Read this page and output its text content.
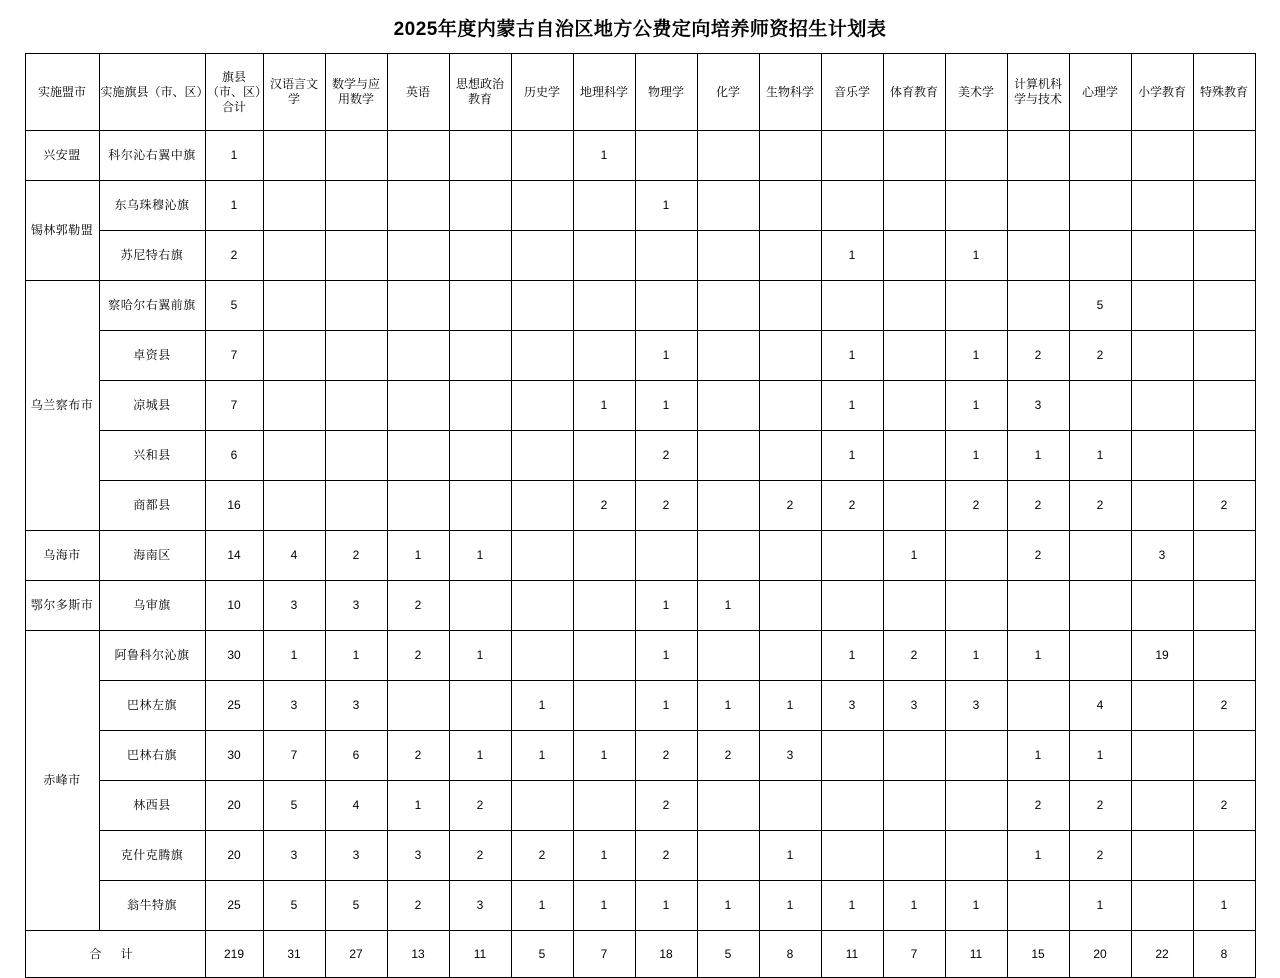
2025年度内蒙古自治区地方公费定向培养师资招生计划表
实施盟市	实施旗县（市、区）	旗县（市、区）合计	汉语言文学	数学与应用数学	英语	思想政治教育	历史学	地理科学	物理学	化学	生物科学	音乐学	体育教育	美术学	计算机科学与技术	心理学	小学教育	特殊教育
兴安盟	科尔沁右翼中旗	1						1										
锡林郭勒盟	东乌珠穆沁旗	1							1									
	苏尼特右旗	2										1		1				
乌兰察布市	察哈尔右翼前旗	5														5		
	卓资县	7							1			1		1	2	2		
	凉城县	7						1	1			1		1	3			
	兴和县	6							2			1		1	1	1		
	商都县	16						2	2		2	2		2	2	2		2
乌海市	海南区	14	4	2	1	1							1		2		3	
鄂尔多斯市	乌审旗	10	3	3	2				1	1								
赤峰市	阿鲁科尔沁旗	30	1	1	2	1			1			1	2	1	1		19	
	巴林左旗	25	3	3			1		1	1	1	3	3	3		4		2
	巴林右旗	30	7	6	2	1	1	1	2	2	3				1	1		
	林西县	20	5	4	1	2			2						2	2		2
	克什克腾旗	20	3	3	3	2	2	1	2		1				1	2		
	翁牛特旗	25	5	5	2	3	1	1	1	1	1	1	1	1		1		1
合 计		219	31	27	13	11	5	7	18	5	8	11	7	11	15	20	22	8
